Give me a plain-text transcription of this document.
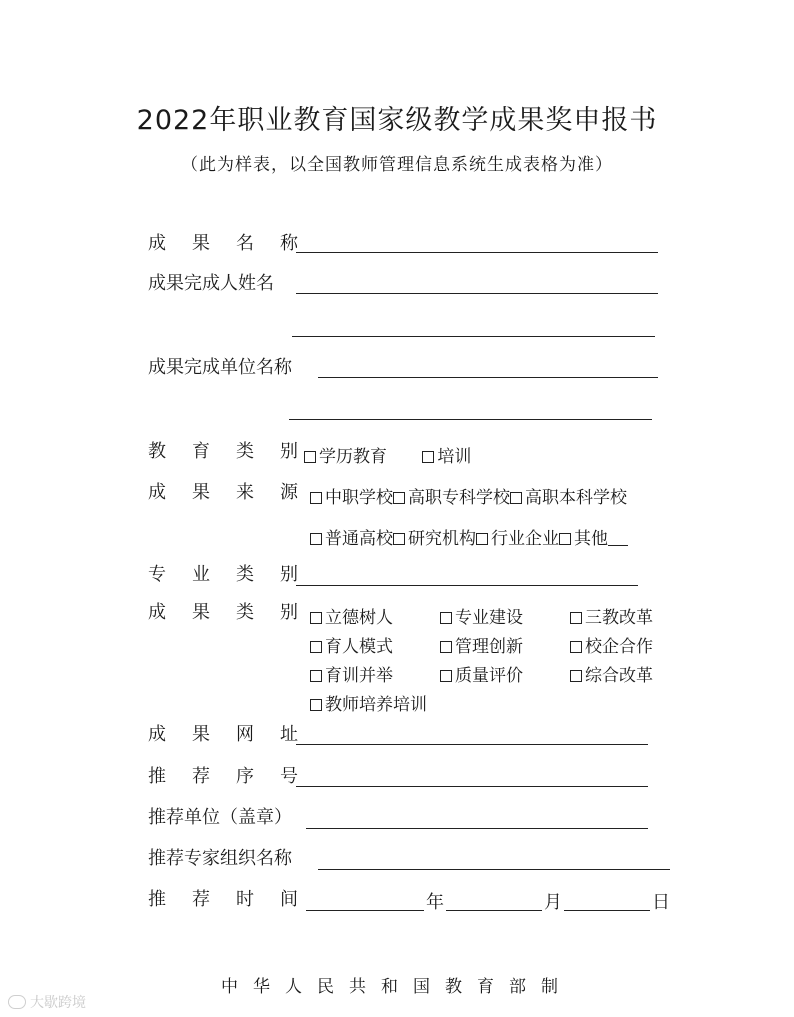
2022年职业教育国家级教学成果奖申报书
（此为样表，以全国教师管理信息系统生成表格为准）
成果名称
成果完成人姓名
成果完成单位名称
教育类别
学历教育	培训
成果来源 中职学校 高职专科学校 高职本科学校
普通高校 研究机构 行业企业 其他
专业类别
成果类别 立德树人	专业建设	三教改革
育人模式	管理创新	校企合作
育训并举	质量评价	综合改革
教师培养培训
成果网址
推荐序号
推荐单位（盖章）
推荐专家组织名称
推荐时间	年	月	日
中华人民共和国教育部制
大歇跨境
